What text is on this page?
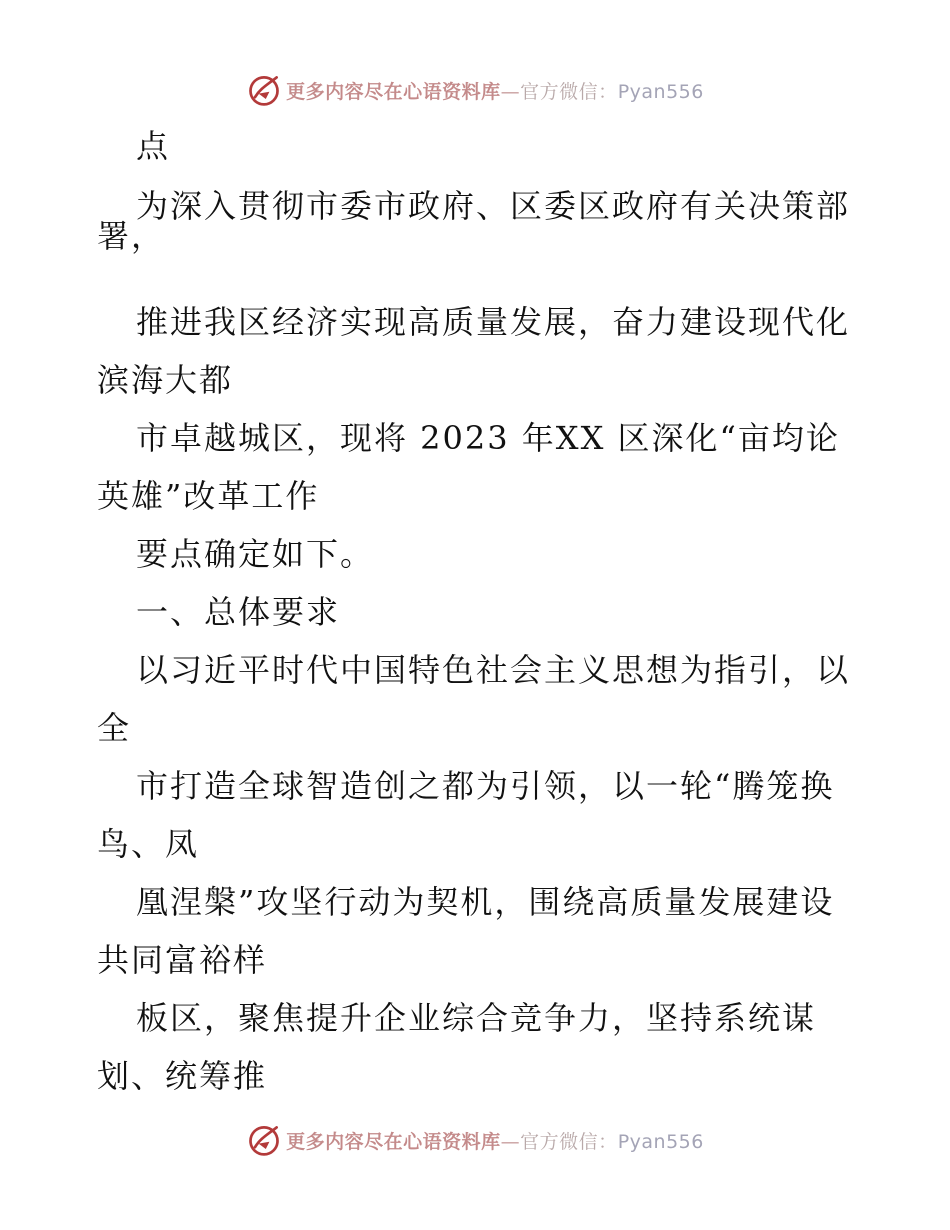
更多内容尽在心语资料库—官方微信：Pyan556
点
为深入贯彻市委市政府、区委区政府有关决策部
署，
推进我区经济实现高质量发展，奋力建设现代化
滨海大都
市卓越城区，现将 2023 年XX 区深化“亩均论
英雄”改革工作
要点确定如下。
一、总体要求
以习近平时代中国特色社会主义思想为指引，以
全
市打造全球智造创之都为引领，以一轮“腾笼换
鸟、凤
凰涅槃”攻坚行动为契机，围绕高质量发展建设
共同富裕样
板区，聚焦提升企业综合竞争力，坚持系统谋
划、统筹推
更多内容尽在心语资料库—官方微信：Pyan556
